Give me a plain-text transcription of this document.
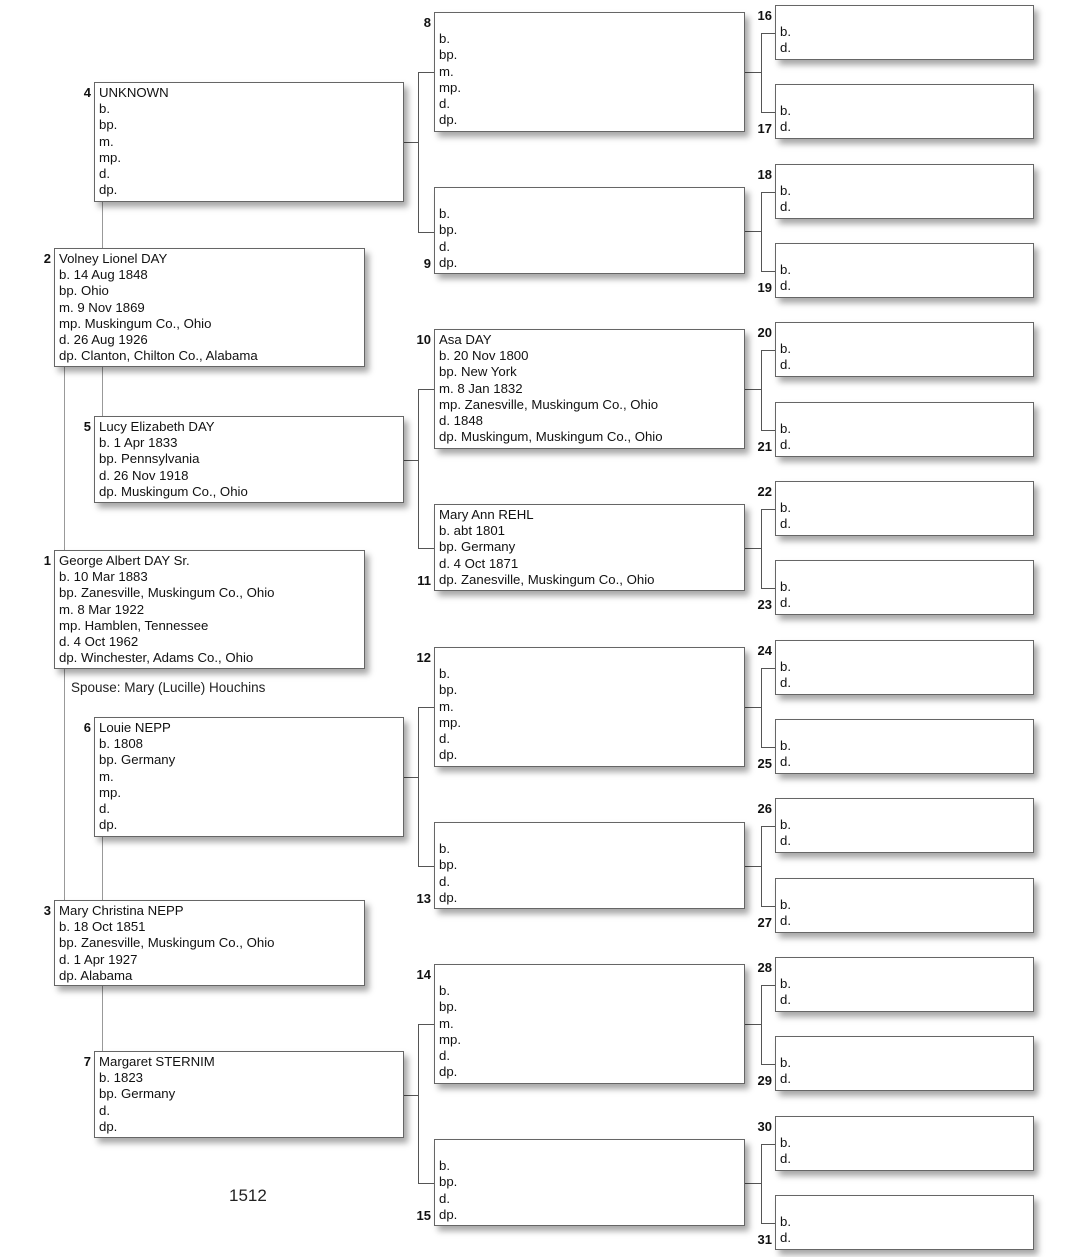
George Albert DAY Sr.
b. 10 Mar 1883
bp. Zanesville, Muskingum Co., Ohio
m. 8 Mar 1922
mp. Hamblen, Tennessee
d. 4 Oct 1962
dp. Winchester, Adams Co., Ohio
1
Volney Lionel DAY
b. 14 Aug 1848
bp. Ohio
m. 9 Nov 1869
mp. Muskingum Co., Ohio
d. 26 Aug 1926
dp. Clanton, Chilton Co., Alabama
2
Mary Christina NEPP
b. 18 Oct 1851
bp. Zanesville, Muskingum Co., Ohio
d. 1 Apr 1927
dp. Alabama
3
UNKNOWN
b.
bp.
m.
mp.
d.
dp.
4
Lucy Elizabeth DAY
b. 1 Apr 1833
bp. Pennsylvania
d. 26 Nov 1918
dp. Muskingum Co., Ohio
5
Louie NEPP
b. 1808
bp. Germany
m.
mp.
d.
dp.
6
Margaret STERNIM
b. 1823
bp. Germany
d.
dp.
7
b.
bp.
m.
mp.
d.
dp.
8
b.
bp.
d.
dp.
9
Asa DAY
b. 20 Nov 1800
bp. New York
m. 8 Jan 1832
mp. Zanesville, Muskingum Co., Ohio
d. 1848
dp. Muskingum, Muskingum Co., Ohio
10
Mary Ann REHL
b. abt 1801
bp. Germany
d. 4 Oct 1871
dp. Zanesville, Muskingum Co., Ohio
11
b.
bp.
m.
mp.
d.
dp.
12
b.
bp.
d.
dp.
13
b.
bp.
m.
mp.
d.
dp.
14
b.
bp.
d.
dp.
15
b.
d.
16
b.
d.
17
b.
d.
18
b.
d.
19
b.
d.
20
b.
d.
21
b.
d.
22
b.
d.
23
b.
d.
24
b.
d.
25
b.
d.
26
b.
d.
27
b.
d.
28
b.
d.
29
b.
d.
30
b.
d.
31
Spouse: Mary (Lucille) Houchins
1512
